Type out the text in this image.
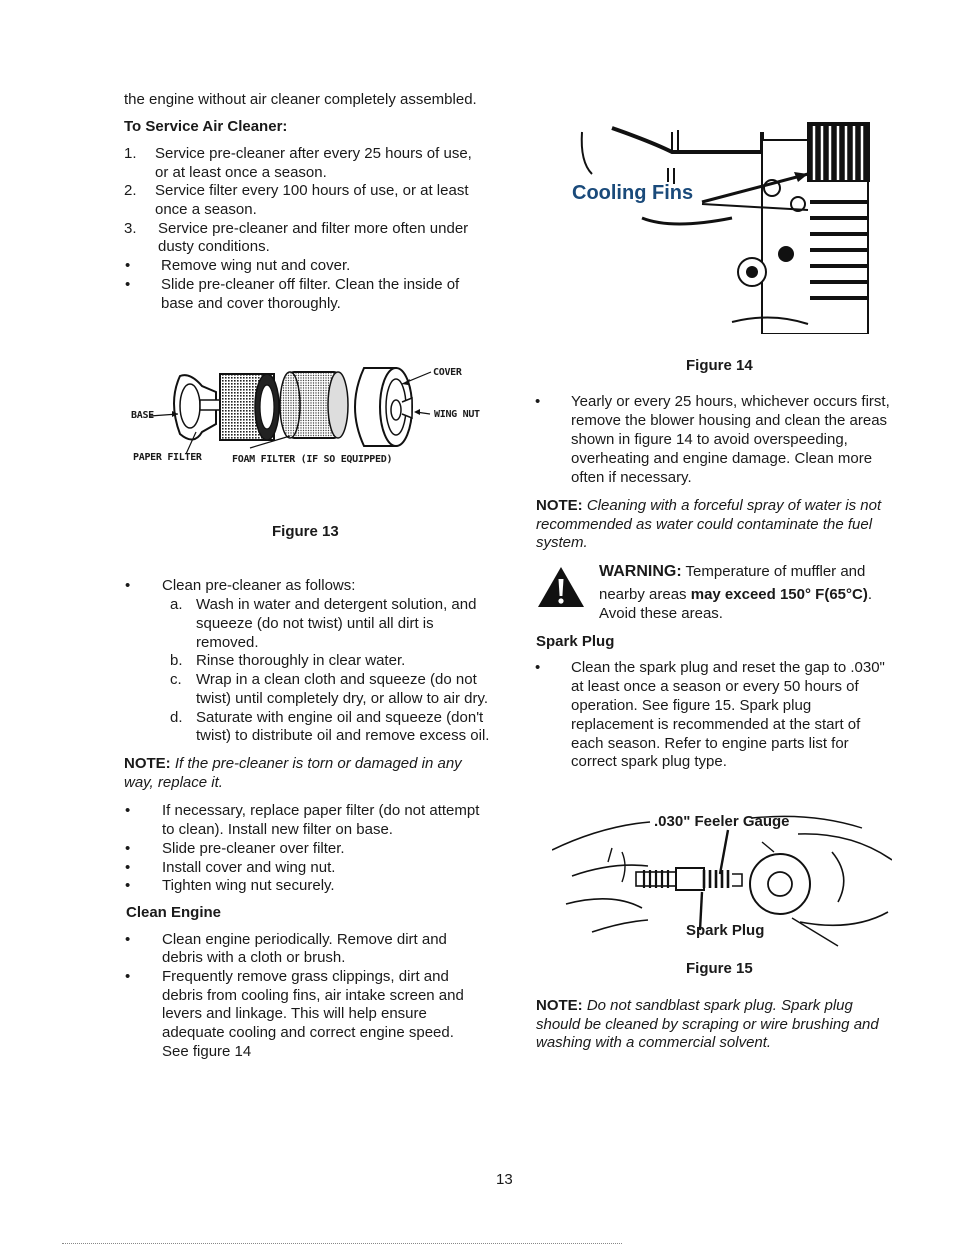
the engine without air cleaner completely assembled.
To Service Air Cleaner:
1. Service pre-cleaner after every 25 hours of use,
or at least once a season.
2. Service filter every 100 hours of use, or at least
once a season.
3. Service pre-cleaner and filter more often under
dusty conditions.
• Remove wing nut and cover.
• Slide pre-cleaner off filter. Clean the inside of
base and cover thoroughly.
COVER
WING NUT
BASE
PAPER FILTER	FOAM FILTER (IF SO EQUIPPED)
Figure 13
• Clean pre-cleaner as follows:
a. Wash in water and detergent solution, and
squeeze (do not twist) until all dirt is
removed.
b. Rinse thoroughly in clear water.
c. Wrap in a clean cloth and squeeze (do not
twist) until completely dry, or allow to air dry.
d. Saturate with engine oil and squeeze (don't
twist) to distribute oil and remove excess oil.
NOTE: If the pre-cleaner is torn or damaged in any
way, replace it.
• If necessary, replace paper filter (do not attempt
to clean). Install new filter on base.
• Slide pre-cleaner over filter.
• Install cover and wing nut.
• Tighten wing nut securely.
Clean Engine
• Clean engine periodically. Remove dirt and
debris with a cloth or brush.
• Frequently remove grass clippings, dirt and
debris from cooling fins, air intake screen and
levers and linkage. This will help ensure
adequate cooling and correct engine speed.
See figure 14
Cooling Fins
Figure 14
• Yearly or every 25 hours, whichever occurs first,
remove the blower housing and clean the areas
shown in figure 14 to avoid overspeeding,
overheating and engine damage. Clean more
often if necessary.
NOTE: Cleaning with a forceful spray of water is not
recommended as water could contaminate the fuel
system.
WARNING: Temperature of muffler and
nearby areas may exceed 150° F(65°C).
Avoid these areas.
Spark Plug
• Clean the spark plug and reset the gap to .030"
at least once a season or every 50 hours of
operation. See figure 15. Spark plug
replacement is recommended at the start of
each season. Refer to engine parts list for
correct spark plug type.
.030" Feeler Gauge
Spark Plug
Figure 15
NOTE: Do not sandblast spark plug. Spark plug
should be cleaned by scraping or wire brushing and
washing with a commercial solvent.
13
